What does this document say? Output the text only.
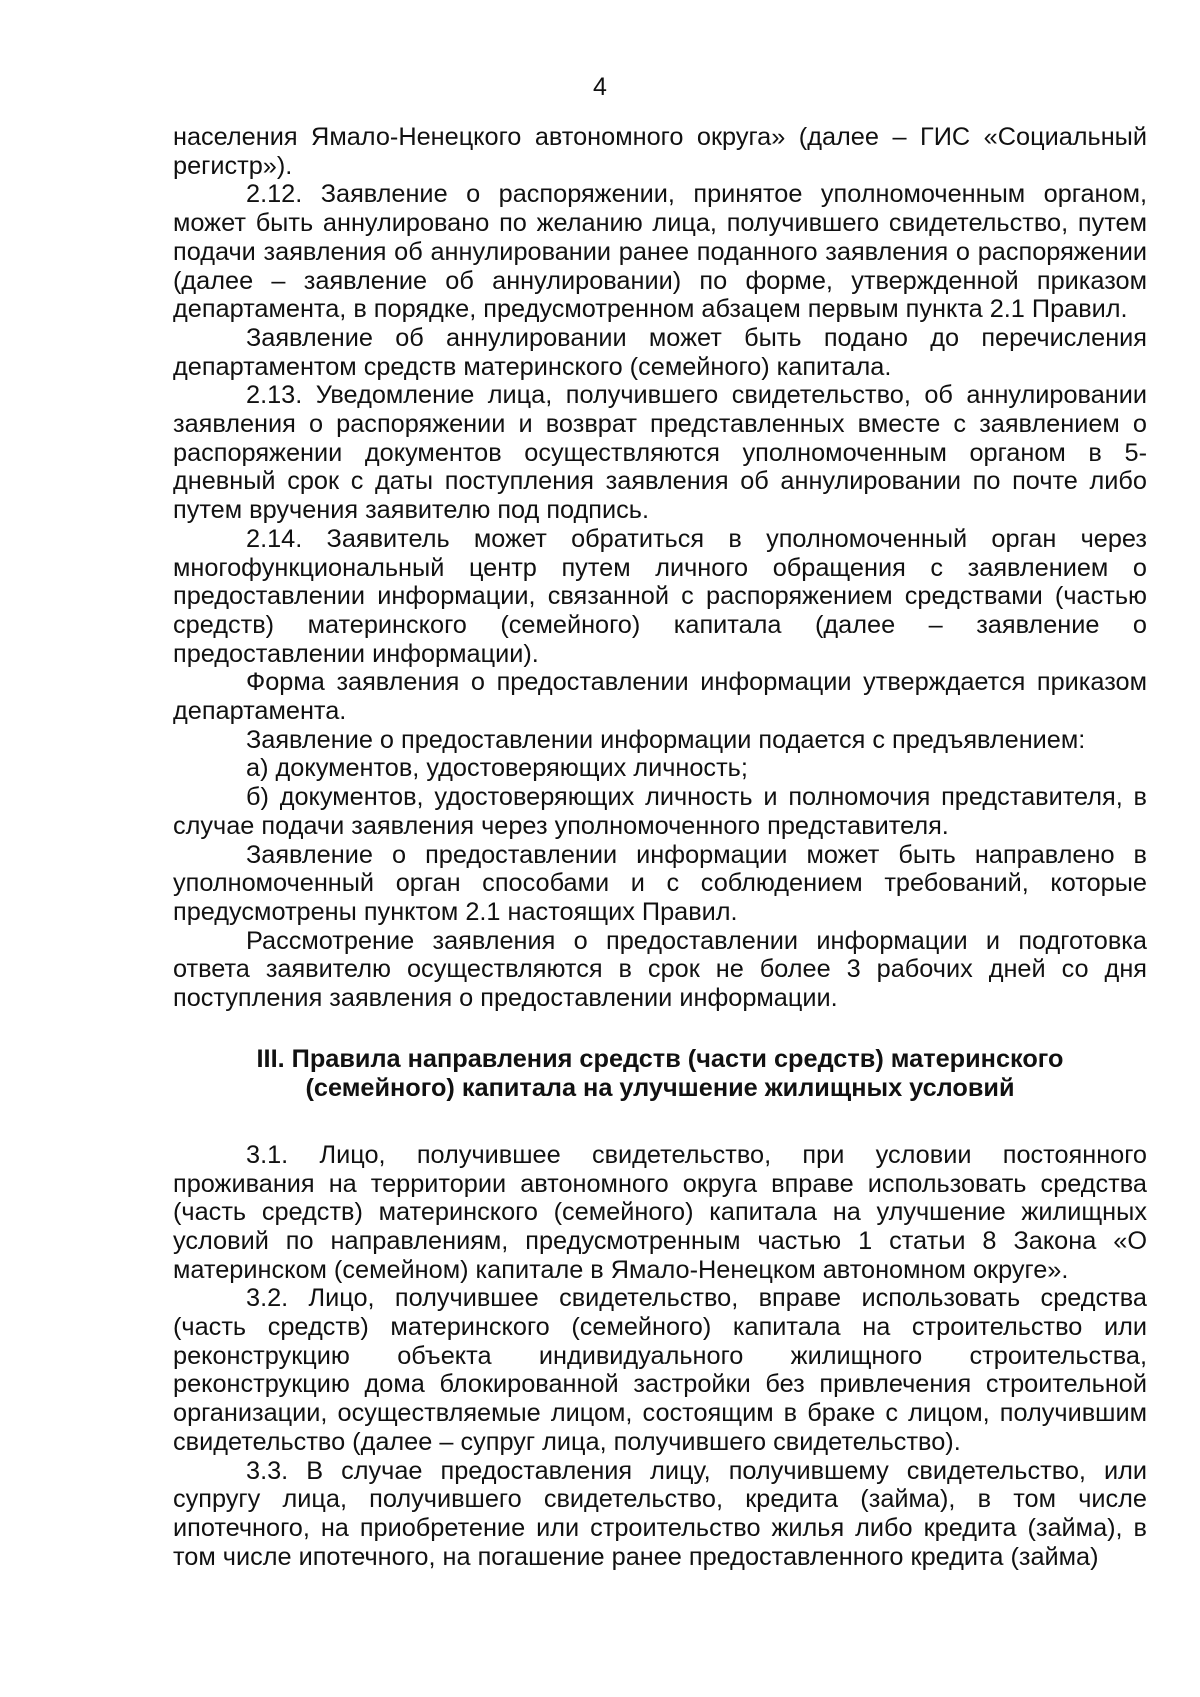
4

населения Ямало-Ненецкого автономного округа» (далее – ГИС «Социальный регистр»).

2.12. Заявление о распоряжении, принятое уполномоченным органом, может быть аннулировано по желанию лица, получившего свидетельство, путем подачи заявления об аннулировании ранее поданного заявления о распоряжении (далее – заявление об аннулировании) по форме, утвержденной приказом департамента, в порядке, предусмотренном абзацем первым пункта 2.1 Правил.

Заявление об аннулировании может быть подано до перечисления департаментом средств материнского (семейного) капитала.

2.13. Уведомление лица, получившего свидетельство, об аннулировании заявления о распоряжении и возврат представленных вместе с заявлением о распоряжении документов осуществляются уполномоченным органом в 5-дневный срок с даты поступления заявления об аннулировании по почте либо путем вручения заявителю под подпись.

2.14. Заявитель может обратиться в уполномоченный орган через многофункциональный центр путем личного обращения с заявлением о предоставлении информации, связанной с распоряжением средствами (частью средств) материнского (семейного) капитала (далее – заявление о предоставлении информации).

Форма заявления о предоставлении информации утверждается приказом департамента.

Заявление о предоставлении информации подается с предъявлением:

а) документов, удостоверяющих личность;

б) документов, удостоверяющих личность и полномочия представителя, в случае подачи заявления через уполномоченного представителя.

Заявление о предоставлении информации может быть направлено в уполномоченный орган способами и с соблюдением требований, которые предусмотрены пунктом 2.1 настоящих Правил.

Рассмотрение заявления о предоставлении информации и подготовка ответа заявителю осуществляются в срок не более 3 рабочих дней со дня поступления заявления о предоставлении информации.

III. Правила направления средств (части средств) материнского
(семейного) капитала на улучшение жилищных условий

3.1. Лицо, получившее свидетельство, при условии постоянного проживания на территории автономного округа вправе использовать средства (часть средств) материнского (семейного) капитала на улучшение жилищных условий по направлениям, предусмотренным частью 1 статьи 8 Закона «О материнском (семейном) капитале в Ямало-Ненецком автономном округе».

3.2. Лицо, получившее свидетельство, вправе использовать средства (часть средств) материнского (семейного) капитала на строительство или реконструкцию объекта индивидуального жилищного строительства, реконструкцию дома блокированной застройки без привлечения строительной организации, осуществляемые лицом, состоящим в браке с лицом, получившим свидетельство (далее – супруг лица, получившего свидетельство).

3.3. В случае предоставления лицу, получившему свидетельство, или супругу лица, получившего свидетельство, кредита (займа), в том числе ипотечного, на приобретение или строительство жилья либо кредита (займа), в том числе ипотечного, на погашение ранее предоставленного кредита (займа)
